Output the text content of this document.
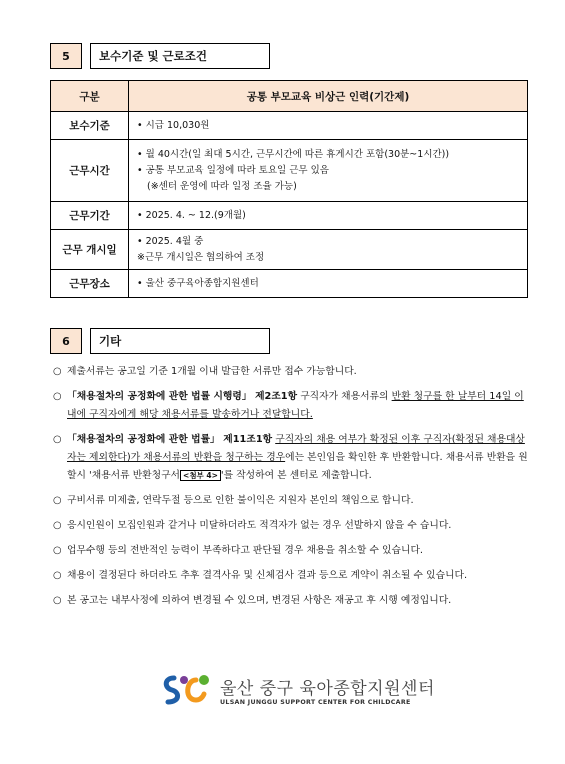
5	보수기준 및 근로조건
구분	공통 부모교육 비상근 인력(기간제)
보수기준	• 시급 10,030원

근무시간	• 월 40시간(일 최대 5시간, 근무시간에 따른 휴게시간 포함(30분~1시간))
• 공통 부모교육 일정에 따라 토요일 근무 있음
(※센터 운영에 따라 일정 조율 가능)

근무기간	• 2025. 4. ~ 12.(9개월)

근무 개시일	• 2025. 4월 중
※근무 개시일은 협의하여 조정
근무장소	• 울산 중구육아종합지원센터
6	기타
○ 제출서류는 공고일 기준 1개월 이내 발급한 서류만 접수 가능합니다.
○ 「채용절차의 공정화에 관한 법률 시행령」 제2조1항 구직자가 채용서류의 반환 청구를 한 날부터 14일 이내에 구직자에게 해당 채용서류를 발송하거나 전달합니다.
○ 「채용절차의 공정화에 관한 법률」 제11조1항 구직자의 채용 여부가 확정된 이후 구직자(확정된 채용대상자는 제외한다)가 채용서류의 반환을 청구하는 경우에는 본인임을 확인한 후 반환합니다. 채용서류 반환을 원할시 '채용서류 반환청구서 <첨부 4> '를 작성하여 본 센터로 제출합니다.
○ 구비서류 미제출, 연락두절 등으로 인한 불이익은 지원자 본인의 책임으로 합니다.
○ 응시인원이 모집인원과 같거나 미달하더라도 적격자가 없는 경우 선발하지 않을 수 습니다.
○ 업무수행 등의 전반적인 능력이 부족하다고 판단될 경우 채용을 취소할 수 있습니다.
○ 채용이 결정된다 하더라도 추후 결격사유 및 신체검사 결과 등으로 계약이 취소될 수 있습니다.
○ 본 공고는 내부사정에 의하여 변경될 수 있으며, 변경된 사항은 재공고 후 시행 예정입니다.
울산 중구 육아종합지원센터
ULSAN JUNGGU SUPPORT CENTER FOR CHILDCARE
